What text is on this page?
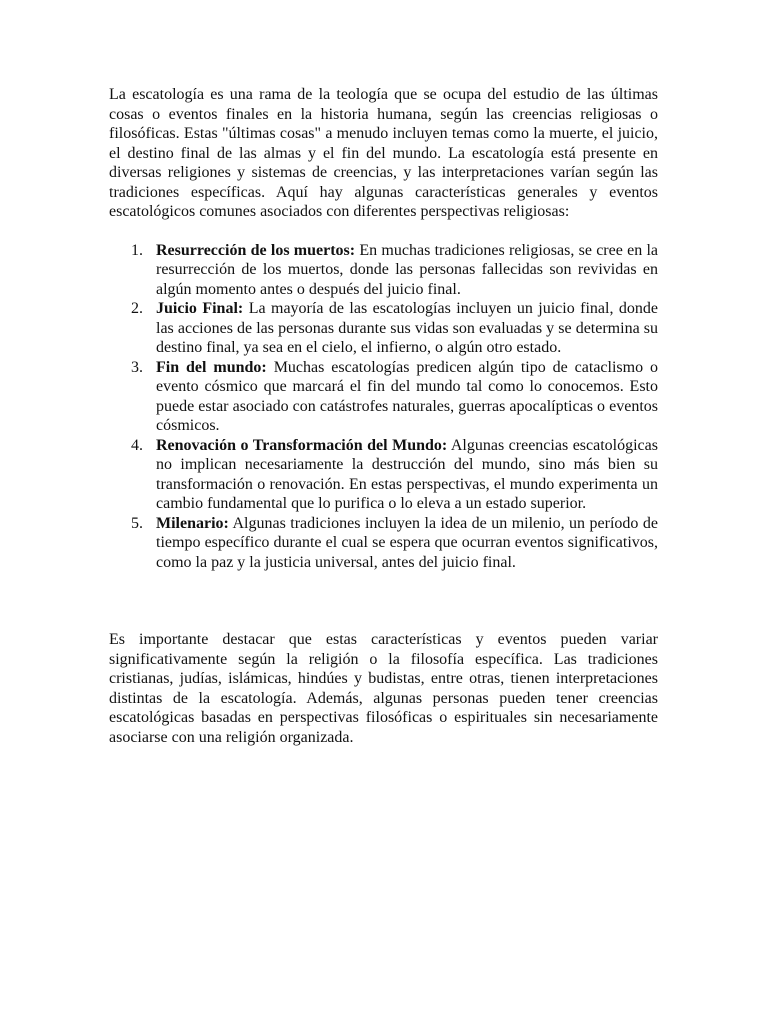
La escatología es una rama de la teología que se ocupa del estudio de las últimas cosas o eventos finales en la historia humana, según las creencias religiosas o filosóficas. Estas "últimas cosas" a menudo incluyen temas como la muerte, el juicio, el destino final de las almas y el fin del mundo. La escatología está presente en diversas religiones y sistemas de creencias, y las interpretaciones varían según las tradiciones específicas. Aquí hay algunas características generales y eventos escatológicos comunes asociados con diferentes perspectivas religiosas:

1. Resurrección de los muertos: En muchas tradiciones religiosas, se cree en la resurrección de los muertos, donde las personas fallecidas son revividas en algún momento antes o después del juicio final.
2. Juicio Final: La mayoría de las escatologías incluyen un juicio final, donde las acciones de las personas durante sus vidas son evaluadas y se determina su destino final, ya sea en el cielo, el infierno, o algún otro estado.
3. Fin del mundo: Muchas escatologías predicen algún tipo de cataclismo o evento cósmico que marcará el fin del mundo tal como lo conocemos. Esto puede estar asociado con catástrofes naturales, guerras apocalípticas o eventos cósmicos.
4. Renovación o Transformación del Mundo: Algunas creencias escatológicas no implican necesariamente la destrucción del mundo, sino más bien su transformación o renovación. En estas perspectivas, el mundo experimenta un cambio fundamental que lo purifica o lo eleva a un estado superior.
5. Milenario: Algunas tradiciones incluyen la idea de un milenio, un período de tiempo específico durante el cual se espera que ocurran eventos significativos, como la paz y la justicia universal, antes del juicio final.

Es importante destacar que estas características y eventos pueden variar significativamente según la religión o la filosofía específica. Las tradiciones cristianas, judías, islámicas, hindúes y budistas, entre otras, tienen interpretaciones distintas de la escatología. Además, algunas personas pueden tener creencias escatológicas basadas en perspectivas filosóficas o espirituales sin necesariamente asociarse con una religión organizada.
